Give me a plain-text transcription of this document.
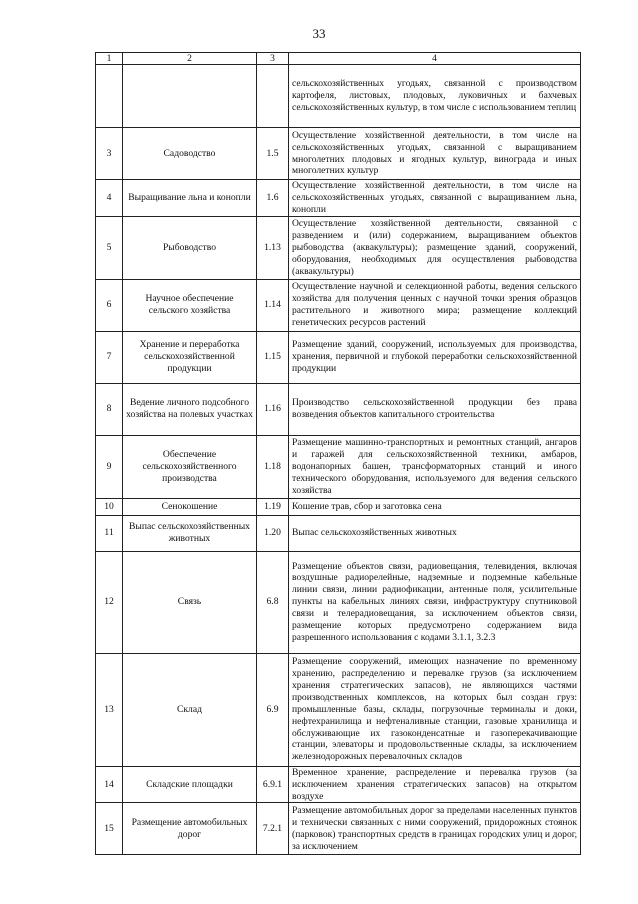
33
1	2	3	4
			сельскохозяйственных угодьях, связанной с производством картофеля, листовых, плодовых, луковичных и бахчевых сельскохозяйственных культур, в том числе с использованием теплиц
3	Садоводство	1.5	Осуществление хозяйственной деятельности, в том числе на сельскохозяйственных угодьях, связанной с выращиванием многолетних плодовых и ягодных культур, винограда и иных многолетних культур
4	Выращивание льна и конопли	1.6	Осуществление хозяйственной деятельности, в том числе на сельскохозяйственных угодьях, связанной с выращиванием льна, конопли
5	Рыбоводство	1.13	Осуществление хозяйственной деятельности, связанной с разведением и (или) содержанием, выращиванием объектов рыбоводства (аквакультуры); размещение зданий, сооружений, оборудования, необходимых для осуществления рыбоводства (аквакультуры)
6	Научное обеспечение сельского хозяйства	1.14	Осуществление научной и селекционной работы, ведения сельского хозяйства для получения ценных с научной точки зрения образцов растительного и животного мира; размещение коллекций генетических ресурсов растений
7	Хранение и переработка сельскохозяйственной продукции	1.15	Размещение зданий, сооружений, используемых для производства, хранения, первичной и глубокой переработки сельскохозяйственной продукции
8	Ведение личного подсобного хозяйства на полевых участках	1.16	Производство сельскохозяйственной продукции без права возведения объектов капитального строительства
9	Обеспечение сельскохозяйственного производства	1.18	Размещение машинно-транспортных и ремонтных станций, ангаров и гаражей для сельскохозяйственной техники, амбаров, водонапорных башен, трансформаторных станций и иного технического оборудования, используемого для ведения сельского хозяйства
10	Сенокошение	1.19	Кошение трав, сбор и заготовка сена
11	Выпас сельскохозяйственных животных	1.20	Выпас сельскохозяйственных животных
12	Связь	6.8	Размещение объектов связи, радиовещания, телевидения, включая воздушные радиорелейные, надземные и подземные кабельные линии связи, линии радиофикации, антенные поля, усилительные пункты на кабельных линиях связи, инфраструктуру спутниковой связи и телерадиовещания, за исключением объектов связи, размещение которых предусмотрено содержанием вида разрешенного использования с кодами 3.1.1, 3.2.3
13	Склад	6.9	Размещение сооружений, имеющих назначение по временному хранению, распределению и перевалке грузов (за исключением хранения стратегических запасов), не являющихся частями производственных комплексов, на которых был создан груз: промышленные базы, склады, погрузочные терминалы и доки, нефтехранилища и нефтеналивные станции, газовые хранилища и обслуживающие их газоконденсатные и газоперекачивающие станции, элеваторы и продовольственные склады, за исключением железнодорожных перевалочных складов
14	Складские площадки	6.9.1	Временное хранение, распределение и перевалка грузов (за исключением хранения стратегических запасов) на открытом воздухе
15	Размещение автомобильных дорог	7.2.1	Размещение автомобильных дорог за пределами населенных пунктов и технически связанных с ними сооружений, придорожных стоянок (парковок) транспортных средств в границах городских улиц и дорог, за исключением
